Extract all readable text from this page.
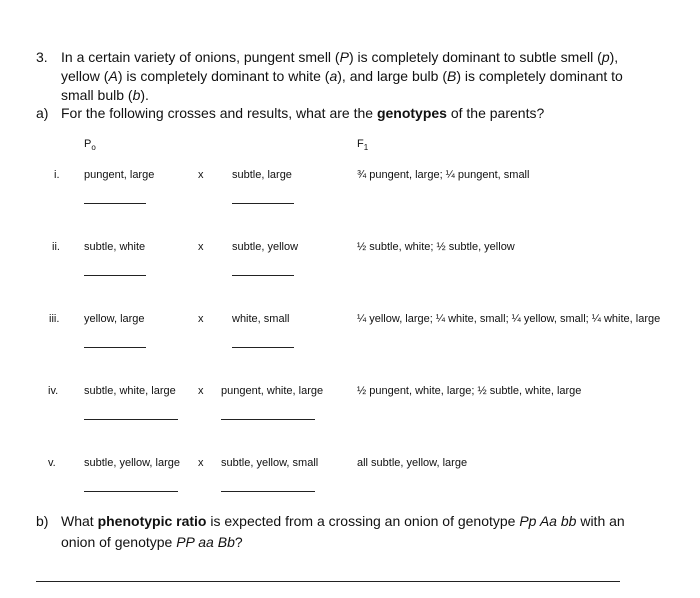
3. In a certain variety of onions, pungent smell (P) is completely dominant to subtle smell (p),
yellow (A) is completely dominant to white (a), and large bulb (B) is completely dominant to
small bulb (b).
a) For the following crosses and results, what are the genotypes of the parents?
$P_o$	$F_1$
i. pungent, large	x	subtle, large	¾ pungent, large; ¼ pungent, small
ii. subtle, white	x	subtle, yellow	½ subtle, white; ½ subtle, yellow
iii. yellow, large	x	white, small	¼ yellow, large; ¼ white, small; ¼ yellow, small; ¼ white, large
iv. subtle, white, large x pungent, white, large	½ pungent, white, large; ½ subtle, white, large
v.	subtle, yellow, large x subtle, yellow, small	all subtle, yellow, large
b) What phenotypic ratio is expected from a crossing an onion of genotype Pp Aa bb with an
onion of genotype PP aa Bb?
